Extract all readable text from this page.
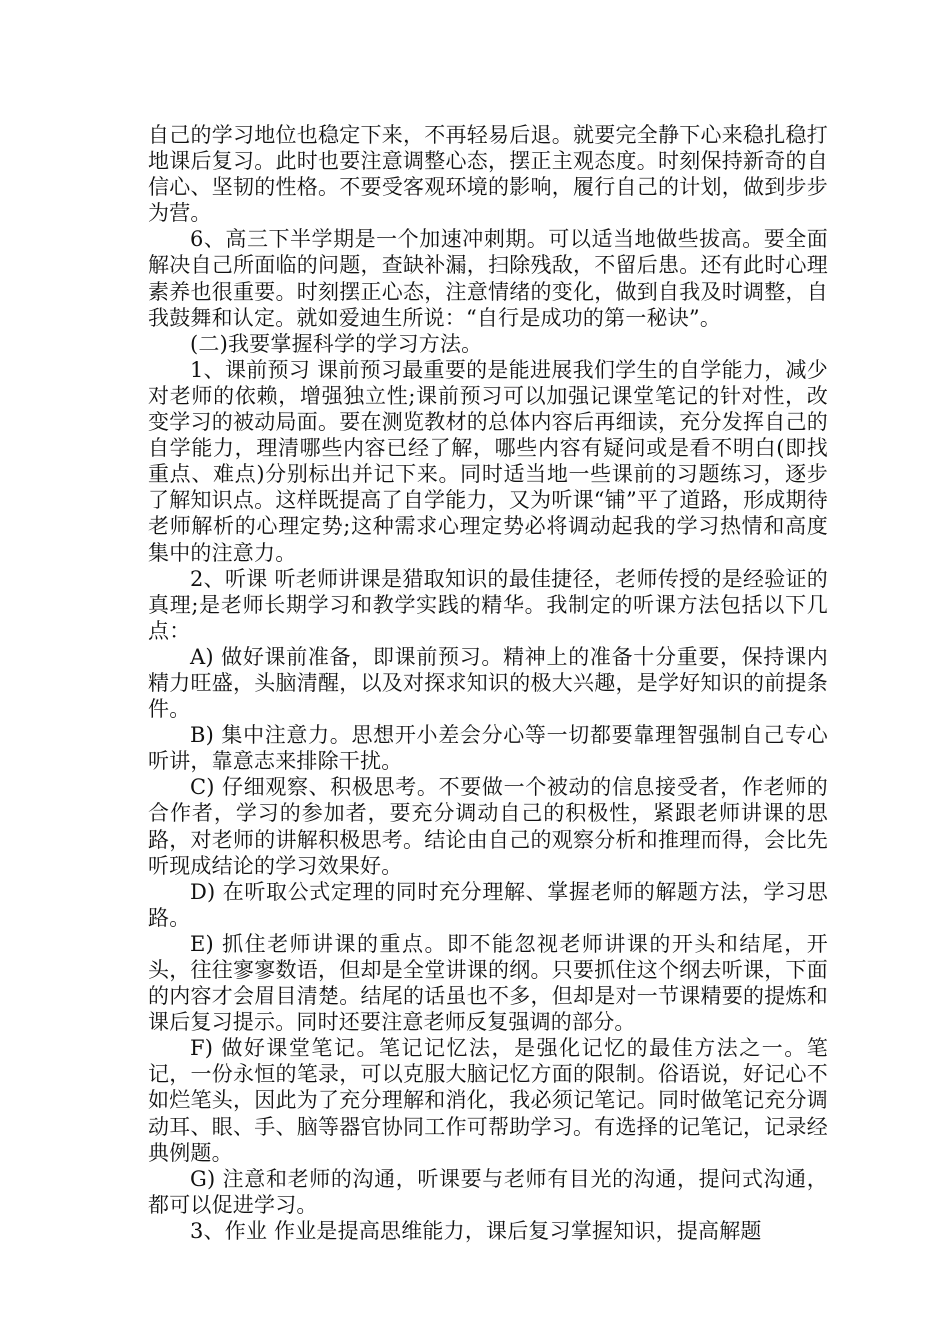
自己的学习地位也稳定下来，不再轻易后退。就要完全静下心来稳扎稳打地课后复习。此时也要注意调整心态，摆正主观态度。时刻保持新奇的自信心、坚韧的性格。不要受客观环境的影响，履行自己的计划，做到步步为营。

6、高三下半学期是一个加速冲刺期。可以适当地做些拔高。要全面解决自己所面临的问题，查缺补漏，扫除残敌，不留后患。还有此时心理素养也很重要。时刻摆正心态，注意情绪的变化，做到自我及时调整，自我鼓舞和认定。就如爱迪生所说：“自行是成功的第一秘诀”。

(二)我要掌握科学的学习方法。

1、课前预习 课前预习最重要的是能进展我们学生的自学能力，减少对老师的依赖，增强独立性;课前预习可以加强记课堂笔记的针对性，改变学习的被动局面。要在测览教材的总体内容后再细读，充分发挥自己的自学能力，理清哪些内容已经了解，哪些内容有疑问或是看不明白(即找重点、难点)分别标出并记下来。同时适当地一些课前的习题练习，逐步了解知识点。这样既提高了自学能力，又为听课“铺”平了道路，形成期待老师解析的心理定势;这种需求心理定势必将调动起我的学习热情和高度集中的注意力。

2、听课 听老师讲课是猎取知识的最佳捷径，老师传授的是经验证的真理;是老师长期学习和教学实践的精华。我制定的听课方法包括以下几点：

A) 做好课前准备，即课前预习。精神上的准备十分重要，保持课内精力旺盛，头脑清醒，以及对探求知识的极大兴趣，是学好知识的前提条件。

B) 集中注意力。思想开小差会分心等一切都要靠理智强制自己专心听讲，靠意志来排除干扰。

C) 仔细观察、积极思考。不要做一个被动的信息接受者，作老师的合作者，学习的参加者，要充分调动自己的积极性，紧跟老师讲课的思路，对老师的讲解积极思考。结论由自己的观察分析和推理而得，会比先听现成结论的学习效果好。

D) 在听取公式定理的同时充分理解、掌握老师的解题方法，学习思路。

E) 抓住老师讲课的重点。即不能忽视老师讲课的开头和结尾，开头，往往寥寥数语，但却是全堂讲课的纲。只要抓住这个纲去听课，下面的内容才会眉目清楚。结尾的话虽也不多，但却是对一节课精要的提炼和课后复习提示。同时还要注意老师反复强调的部分。

F) 做好课堂笔记。笔记记忆法，是强化记忆的最佳方法之一。笔记，一份永恒的笔录，可以克服大脑记忆方面的限制。俗语说，好记心不如烂笔头，因此为了充分理解和消化，我必须记笔记。同时做笔记充分调动耳、眼、手、脑等器官协同工作可帮助学习。有选择的记笔记，记录经典例题。

G) 注意和老师的沟通，听课要与老师有目光的沟通，提问式沟通，都可以促进学习。

3、作业 作业是提高思维能力，课后复习掌握知识，提高解题
